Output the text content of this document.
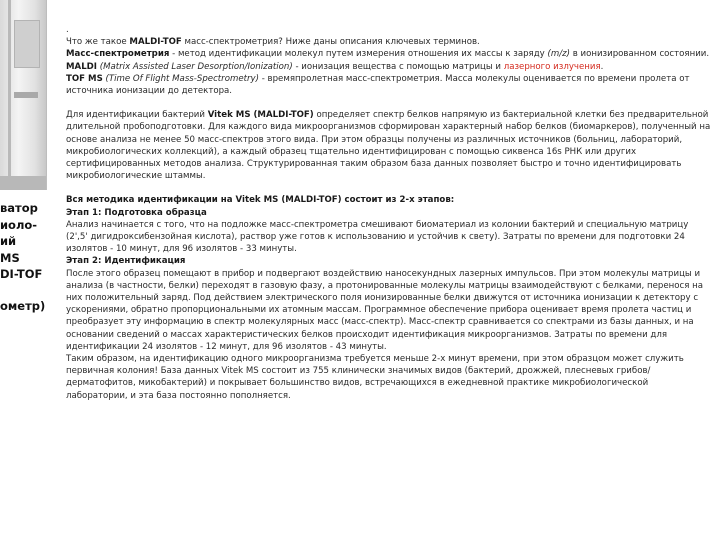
ватор
иоло-
ий
MS
DI-TOF
ометр)

.

Что же такое MALDI-TOF масс-спектрометрия? Ниже даны описания ключевых терминов.

Масс-спектрометрия - метод идентификации молекул путем измерения отношения их массы к заряду (m/z) в ионизированном состоянии.

MALDI (Matrix Assisted Laser Desorption/Ionization) - ионизация вещества с помощью матрицы и лазерного излучения.

TOF MS (Time Of Flight Mass-Spectrometry) - времяпролетная масс-спектрометрия. Масса молекулы оценивается по времени пролета от источника ионизации до детектора.

Для идентификации бактерий Vitek MS (MALDI-TOF) определяет спектр белков напрямую из бактериальной клетки без предварительной длительной пробоподготовки. Для каждого вида микроорганизмов сформирован характерный набор белков (биомаркеров), полученный на основе анализа не менее 50 масс-спектров этого вида. При этом образцы получены из различных источников (больниц, лабораторий, микробиологических коллекций), а каждый образец тщательно идентифицирован с помощью сиквенса 16s РНК или других сертифицированных методов анализа. Структурированная таким образом база данных позволяет быстро и точно идентифицировать микробиологические штаммы.

Вся методика идентификации на Vitek MS (MALDI-TOF) состоит из 2-х этапов:

Этап 1: Подготовка образца

Анализ начинается с того, что на подложке масс-спектрометра смешивают биоматериал из колонии бактерий и специальную матрицу (2',5' дигидроксибензойная кислота), раствор уже готов к использованию и устойчив к свету). Затраты по времени для подготовки 24 изолятов - 10 минут, для 96 изолятов - 33 минуты.

Этап 2: Идентификация

После этого образец помещают в прибор и подвергают воздействию наносекундных лазерных импульсов. При этом молекулы матрицы и анализа (в частности, белки) переходят в газовую фазу, а протонированные молекулы матрицы взаимодействуют с белками, перенося на них положительный заряд. Под действием электрического поля ионизированные белки движутся от источника ионизации к детектору с ускорениями, обратно пропорциональными их атомным массам. Программное обеспечение прибора оценивает время пролета частиц и преобразует эту информацию в спектр молекулярных масс (масс-спектр). Масс-спектр сравнивается со спектрами из базы данных, и на основании сведений о массах характеристических белков происходит идентификация микроорганизмов. Затраты по времени для идентификации 24 изолятов - 12 минут, для 96 изолятов - 43 минуты.

Таким образом, на идентификацию одного микроорганизма требуется меньше 2-х минут времени, при этом образцом может служить первичная колония! База данных Vitek MS состоит из 755 клинически значимых видов (бактерий, дрожжей, плесневых грибов/ дерматофитов, микобактерий) и покрывает большинство видов, встречающихся в ежедневной практике микробиологической лаборатории, и эта база постоянно пополняется.
